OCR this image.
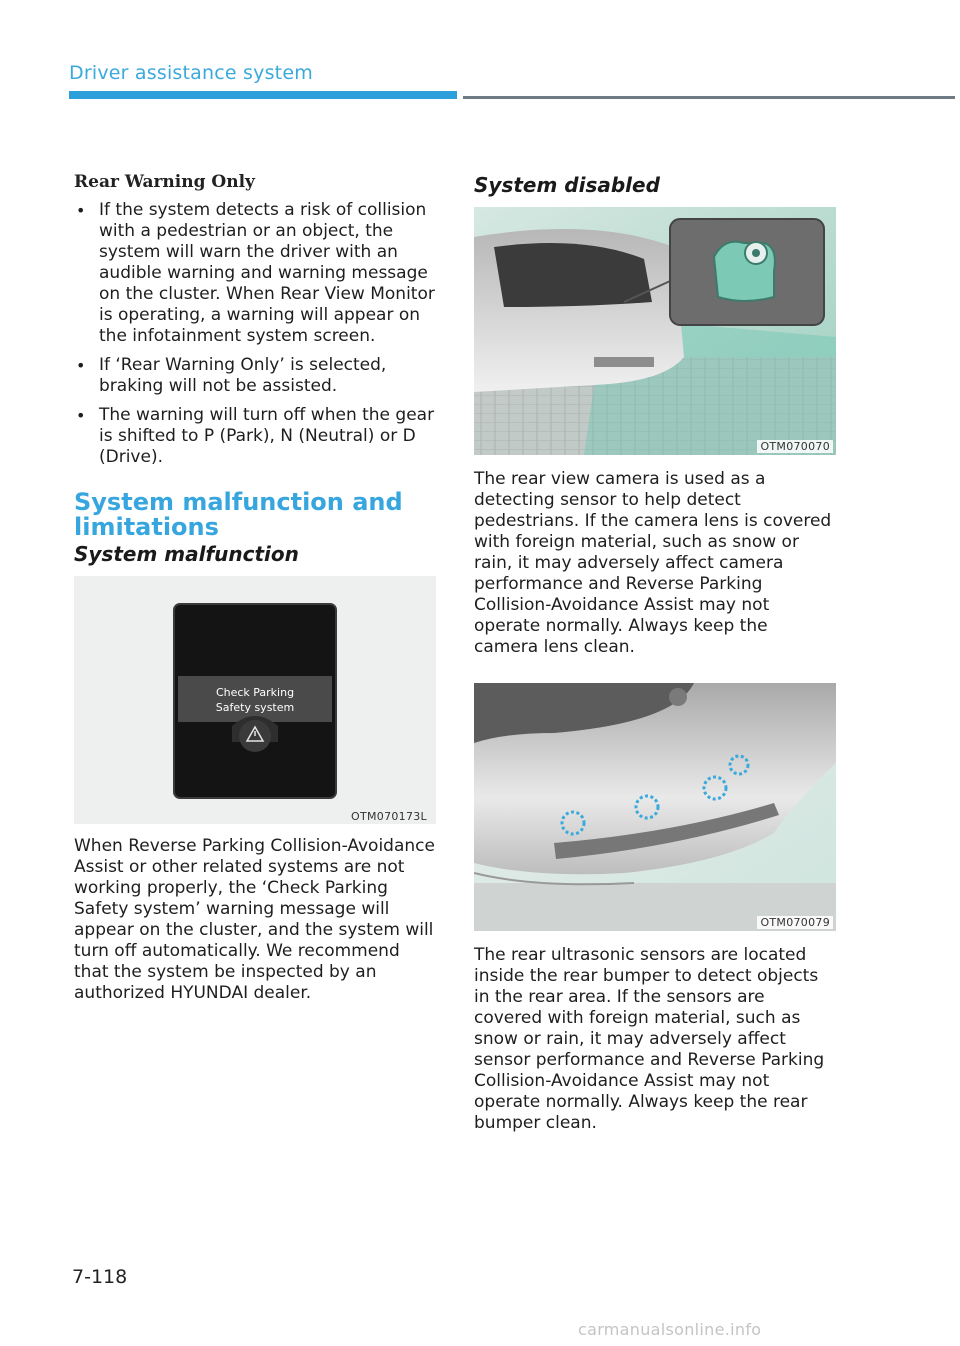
Driver assistance system
Rear Warning Only
• If the system detects a risk of collision with a pedestrian or an object, the system will warn the driver with an audible warning and warning message on the cluster. When Rear View Monitor is operating, a warning will appear on the infotainment system screen.
• If ‘Rear Warning Only’ is selected, braking will not be assisted.
• The warning will turn off when the gear is shifted to P (Park), N (Neutral) or D (Drive).
System malfunction and limitations
System malfunction
Check Parking
Safety system
OTM070173L

When Reverse Parking Collision-Avoidance Assist or other related systems are not working properly, the ‘Check Parking Safety system’ warning message will appear on the cluster, and the system will turn off automatically. We recommend that the system be inspected by an authorized HYUNDAI dealer.

System disabled
OTM070070

The rear view camera is used as a detecting sensor to help detect pedestrians. If the camera lens is covered with foreign material, such as snow or rain, it may adversely affect camera performance and Reverse Parking Collision-Avoidance Assist may not operate normally. Always keep the camera lens clean.

OTM070079

The rear ultrasonic sensors are located inside the rear bumper to detect objects in the rear area. If the sensors are covered with foreign material, such as snow or rain, it may adversely affect sensor performance and Reverse Parking Collision-Avoidance Assist may not operate normally. Always keep the rear bumper clean.

7-118
carmanualsonline.info
